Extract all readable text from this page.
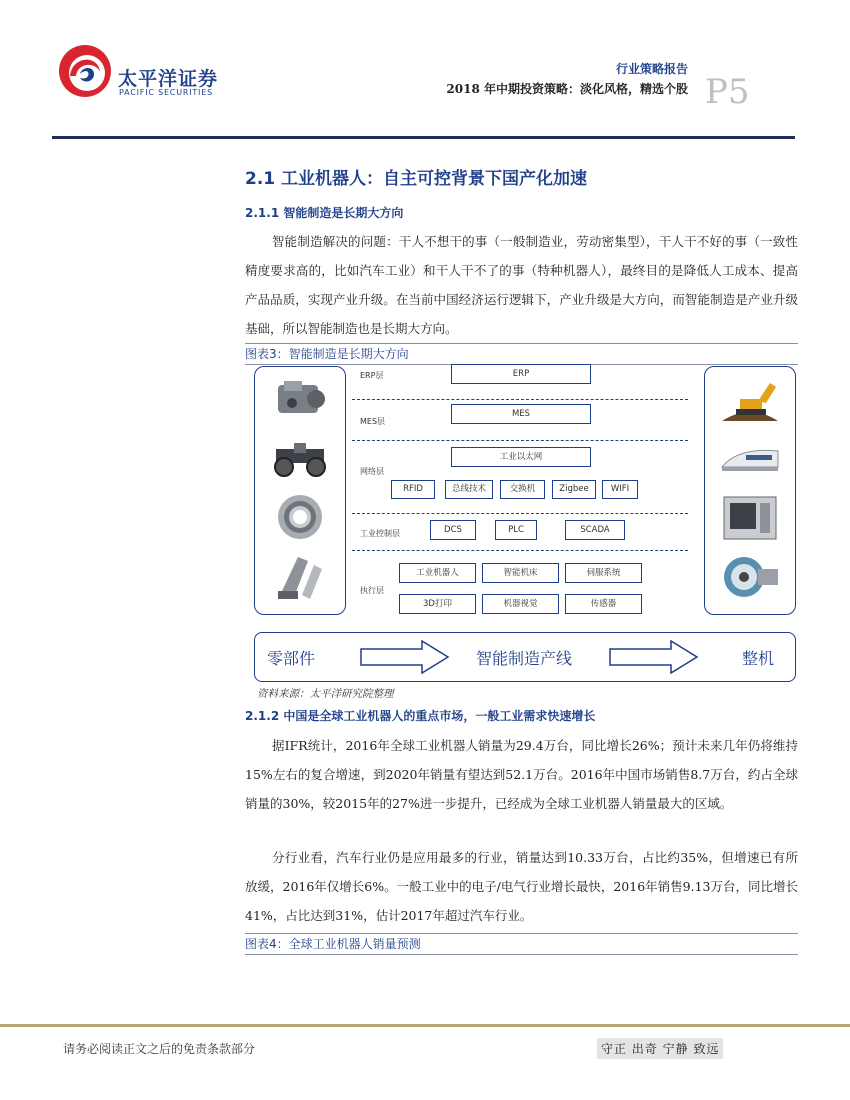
太平洋证券
PACIFIC SECURITIES
行业策略报告
2018 年中期投资策略：淡化风格，精选个股 P5
2.1 工业机器人：自主可控背景下国产化加速
2.1.1 智能制造是长期大方向
智能制造解决的问题：干人不想干的事（一般制造业，劳动密集型），干人干不好的事（一致性精度要求高的，比如汽车工业）和干人干不了的事（特种机器人），最终目的是降低人工成本、提高产品品质，实现产业升级。在当前中国经济运行逻辑下，产业升级是大方向，而智能制造是产业升级基础，所以智能制造也是长期大方向。
图表3：智能制造是长期大方向
ERP层	ERP
MES层
MES
网络层
工业以太网
RFID	总线技术	交换机	Zigbee	WIFI
工业控制层	DCS	PLC	SCADA
执行层
工业机器人	智能机床	伺服系统
3D打印	机器视觉	传感器
零部件	智能制造产线	整机
资料来源：太平洋研究院整理
2.1.2 中国是全球工业机器人的重点市场，一般工业需求快速增长
据IFR统计，2016年全球工业机器人销量为29.4万台，同比增长26%；预计未来几年仍将维持15%左右的复合增速，到2020年销量有望达到52.1万台。2016年中国市场销售8.7万台，约占全球销量的30%，较2015年的27%进一步提升，已经成为全球工业机器人销量最大的区域。
分行业看，汽车行业仍是应用最多的行业，销量达到10.33万台，占比约35%，但增速已有所放缓，2016年仅增长6%。一般工业中的电子/电气行业增长最快，2016年销售9.13万台，同比增长41%，占比达到31%，估计2017年超过汽车行业。
图表4：全球工业机器人销量预测
请务必阅读正文之后的免责条款部分	守正 出奇 宁静 致远
